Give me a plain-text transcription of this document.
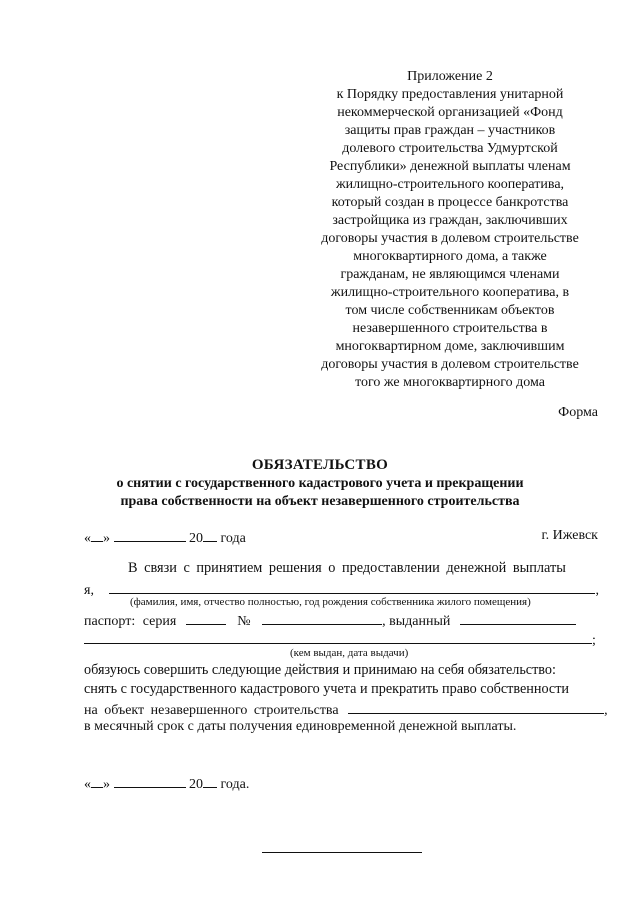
Приложение 2
к Порядку предоставления унитарной
некоммерческой организацией «Фонд
защиты прав граждан – участников
долевого строительства Удмуртской
Республики» денежной выплаты членам
жилищно-строительного кооператива,
который создан в процессе банкротства
застройщика из граждан, заключивших
договоры участия в долевом строительстве
многоквартирного дома, а также
гражданам, не являющимся членами
жилищно-строительного кооператива, в
том числе собственникам объектов
незавершенного строительства в
многоквартирном доме, заключившим
договоры участия в долевом строительстве
того же многоквартирного дома
Форма
ОБЯЗАТЕЛЬСТВО
о снятии с государственного кадастрового учета и прекращении
права собственности на объект незавершенного строительства
« »	20 года	г. Ижевск
В связи с принятием решения о предоставлении денежной выплаты
я,	,
(фамилия, имя, отчество полностью, год рождения собственника жилого помещения)
паспорт: серия	№	, выданный
;
(кем выдан, дата выдачи)
обязуюсь совершить следующие действия и принимаю на себя обязательство:
снять с государственного кадастрового учета и прекратить право собственности
на объект незавершенного строительства	,
в месячный срок с даты получения единовременной денежной выплаты.
« »	20 года.
